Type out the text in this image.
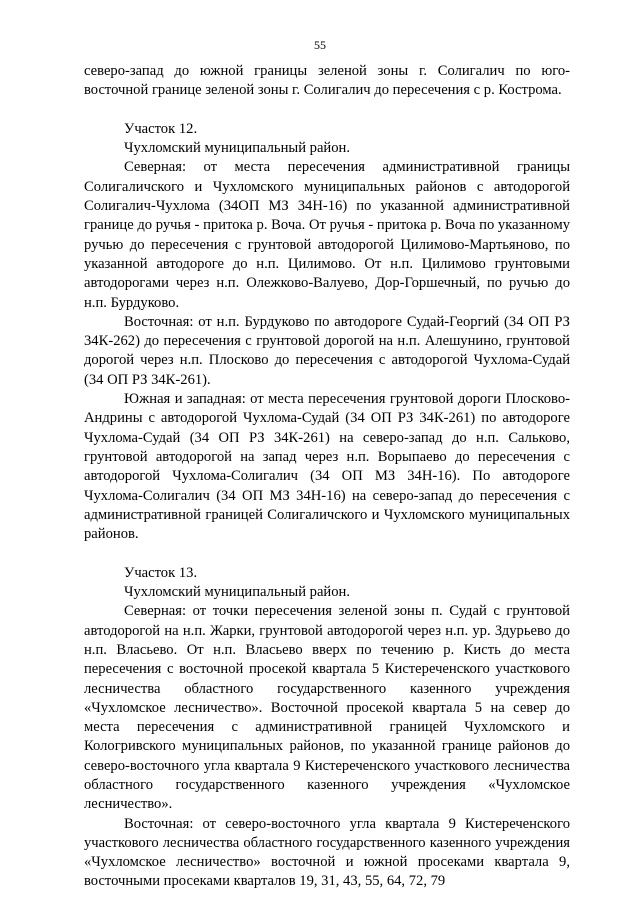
55

северо-запад до южной границы зеленой зоны г. Солигалич по юго-восточной границе зеленой зоны г. Солигалич до пересечения с р. Кострома.

Участок 12.

Чухломский муниципальный район.

Северная: от места пересечения административной границы Солигаличского и Чухломского муниципальных районов с автодорогой Солигалич-Чухлома (34ОП МЗ 34Н-16) по указанной административной границе до ручья - притока р. Воча. От ручья - притока р. Воча по указанному ручью до пересечения с грунтовой автодорогой Цилимово-Мартьяново, по указанной автодороге до н.п. Цилимово. От н.п. Цилимово грунтовыми автодорогами через н.п. Олежково-Валуево, Дор-Горшечный, по ручью до н.п. Бурдуково.

Восточная: от н.п. Бурдуково по автодороге Судай-Георгий (34 ОП РЗ 34К-262) до пересечения с грунтовой дорогой на н.п. Алешунино, грунтовой дорогой через н.п. Плосково до пересечения с автодорогой Чухлома-Судай (34 ОП РЗ 34К-261).

Южная и западная: от места пересечения грунтовой дороги Плосково-Андрины с автодорогой Чухлома-Судай (34 ОП РЗ 34К-261) по автодороге Чухлома-Судай (34 ОП РЗ 34К-261) на северо-запад до н.п. Сальково, грунтовой автодорогой на запад через н.п. Ворыпаево до пересечения с автодорогой Чухлома-Солигалич (34 ОП МЗ 34Н-16). По автодороге Чухлома-Солигалич (34 ОП МЗ 34Н-16) на северо-запад до пересечения с административной границей Солигаличского и Чухломского муниципальных районов.

Участок 13.

Чухломский муниципальный район.

Северная: от точки пересечения зеленой зоны п. Судай с грунтовой автодорогой на н.п. Жарки, грунтовой автодорогой через н.п. ур. Здурьево до н.п. Власьево. От н.п. Власьево вверх по течению р. Кисть до места пересечения с восточной просекой квартала 5 Кистереченского участкового лесничества областного государственного казенного учреждения «Чухломское лесничество». Восточной просекой квартала 5 на север до места пересечения с административной границей Чухломского и Кологривского муниципальных районов, по указанной границе районов до северо-восточного угла квартала 9 Кистереченского участкового лесничества областного государственного казенного учреждения «Чухломское лесничество».

Восточная: от северо-восточного угла квартала 9 Кистереченского участкового лесничества областного государственного казенного учреждения «Чухломское лесничество» восточной и южной просеками квартала 9, восточными просеками кварталов 19, 31, 43, 55, 64, 72, 79
